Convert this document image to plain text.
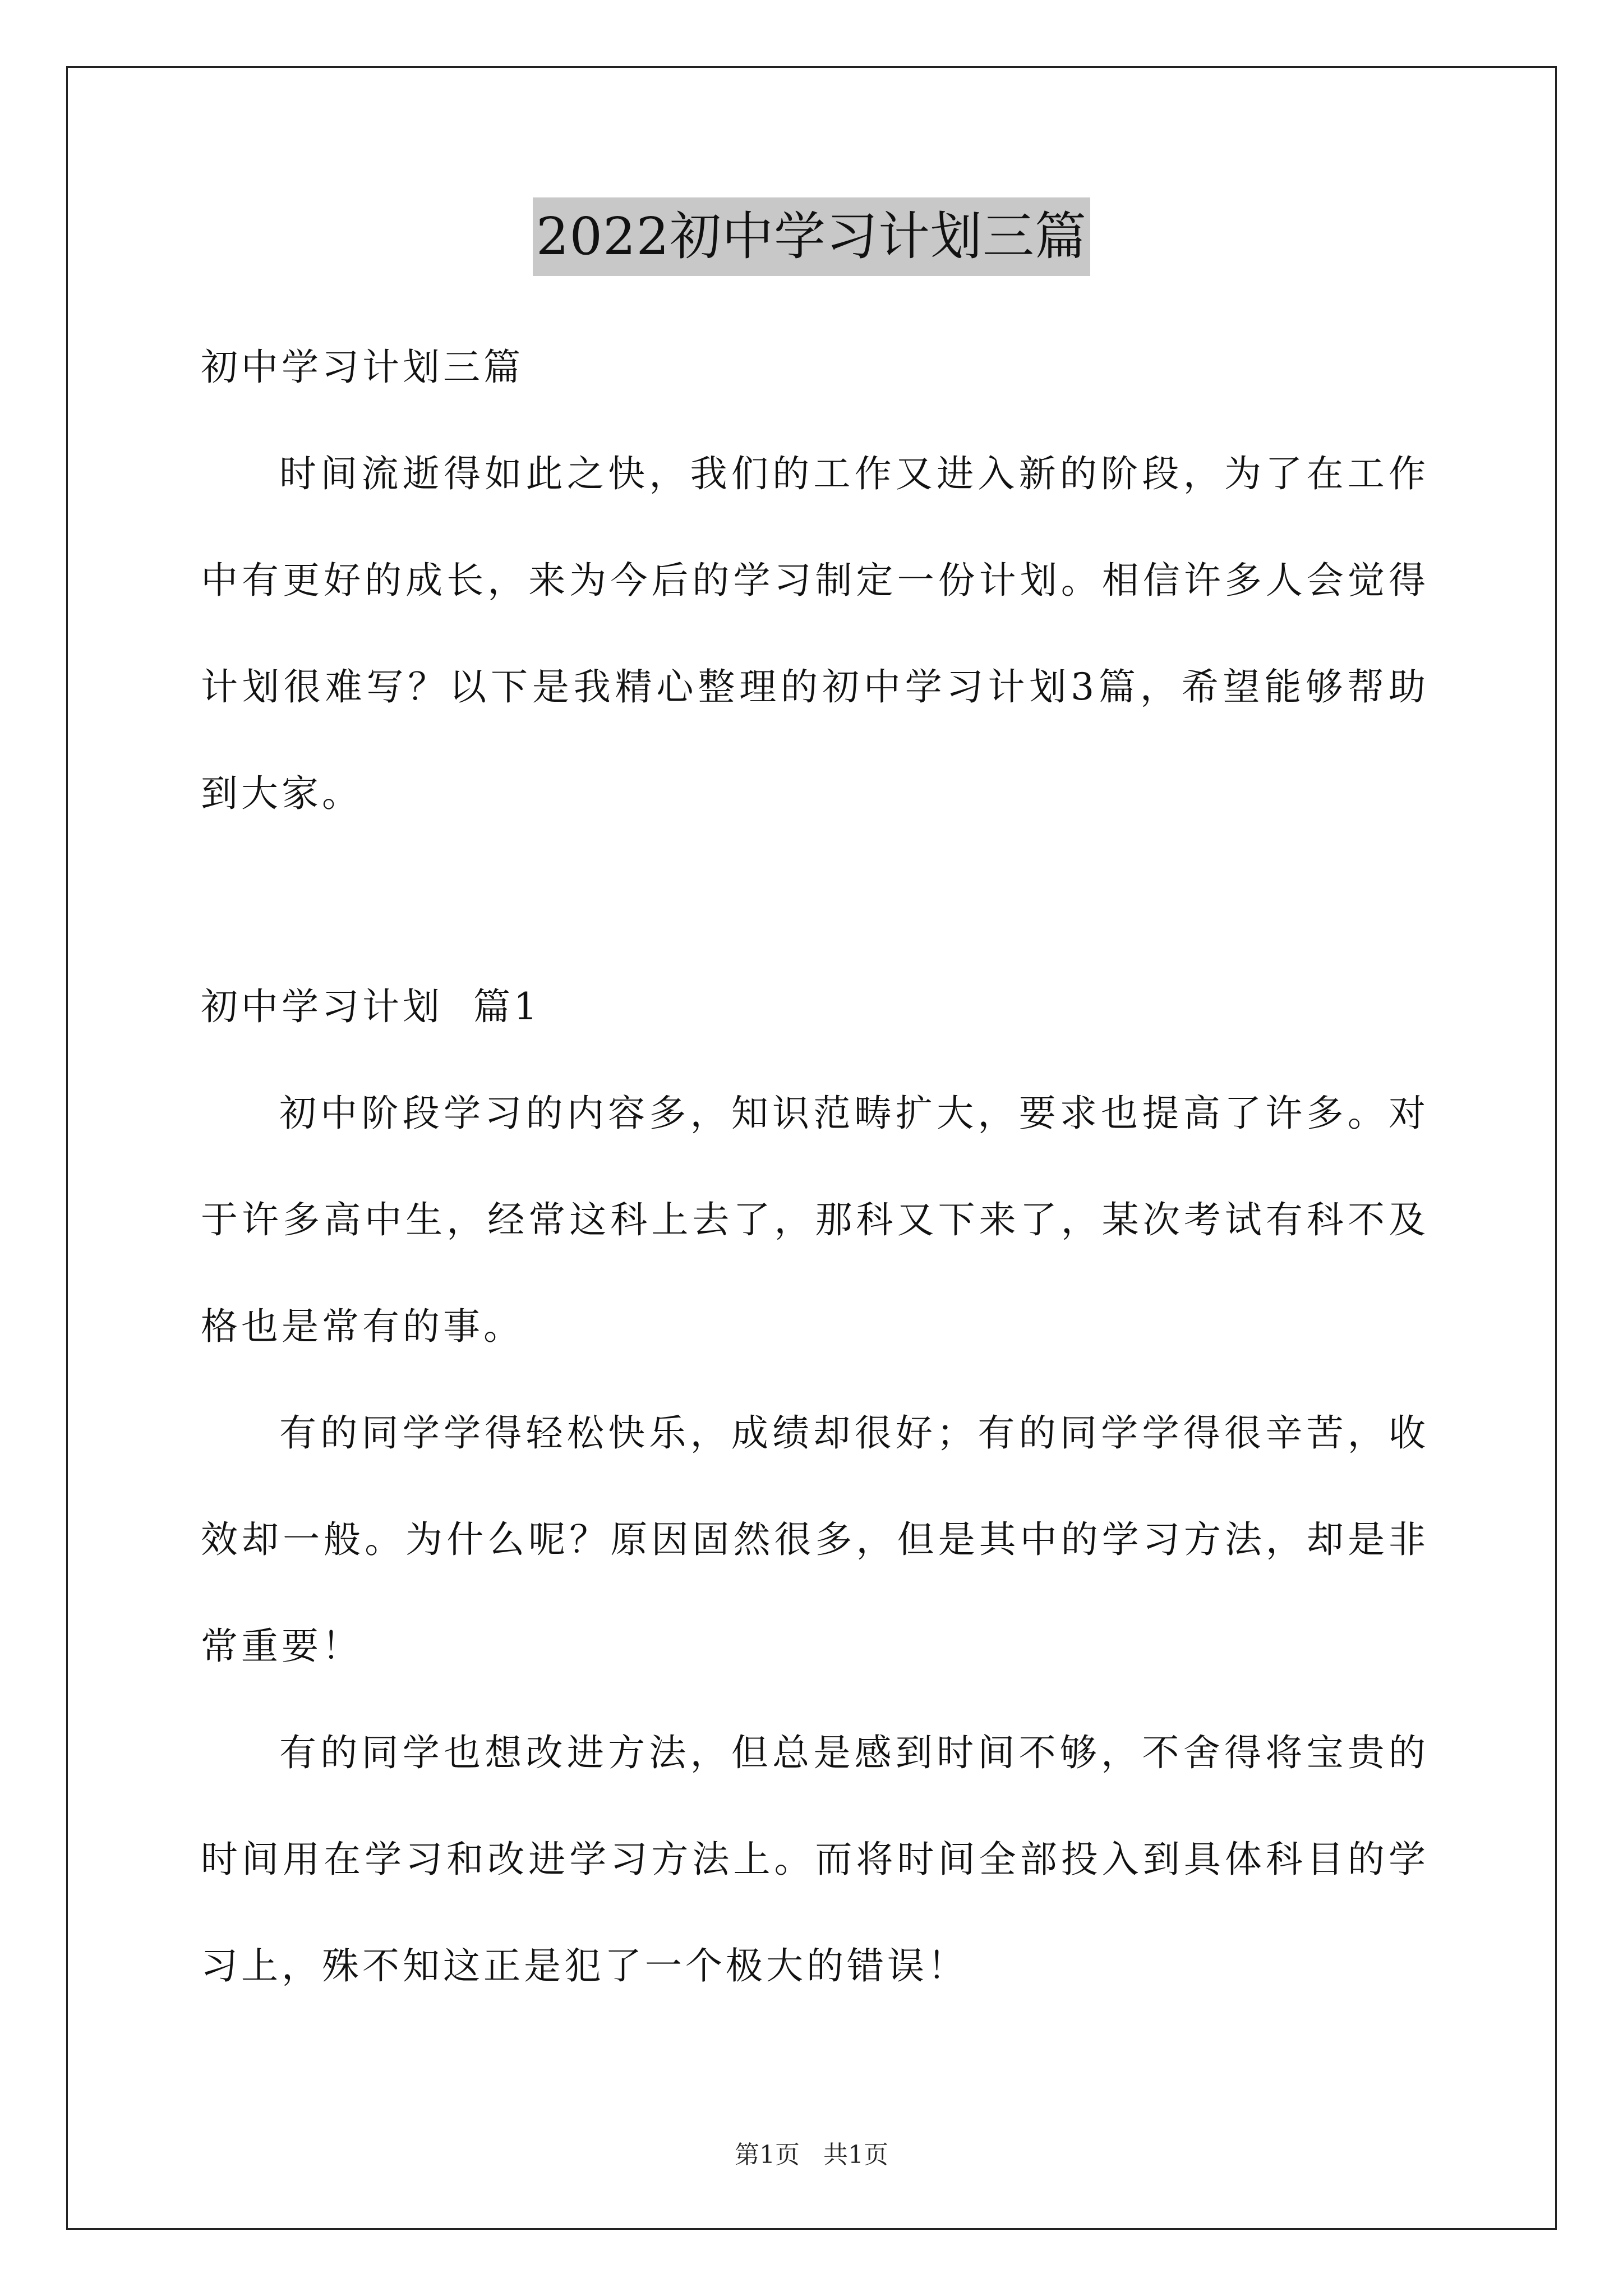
2022初中学习计划三篇

初中学习计划三篇

时间流逝得如此之快，我们的工作又进入新的阶段，为了在工作中有更好的成长，来为今后的学习制定一份计划。相信许多人会觉得计划很难写？以下是我精心整理的初中学习计划3篇，希望能够帮助到大家。

初中学习计划  篇1

初中阶段学习的内容多，知识范畴扩大，要求也提高了许多。对于许多高中生，经常这科上去了，那科又下来了，某次考试有科不及格也是常有的事。

有的同学学得轻松快乐，成绩却很好；有的同学学得很辛苦，收效却一般。为什么呢？原因固然很多，但是其中的学习方法，却是非常重要！

有的同学也想改进方法，但总是感到时间不够，不舍得将宝贵的时间用在学习和改进学习方法上。而将时间全部投入到具体科目的学习上，殊不知这正是犯了一个极大的错误！

第1页 共1页
